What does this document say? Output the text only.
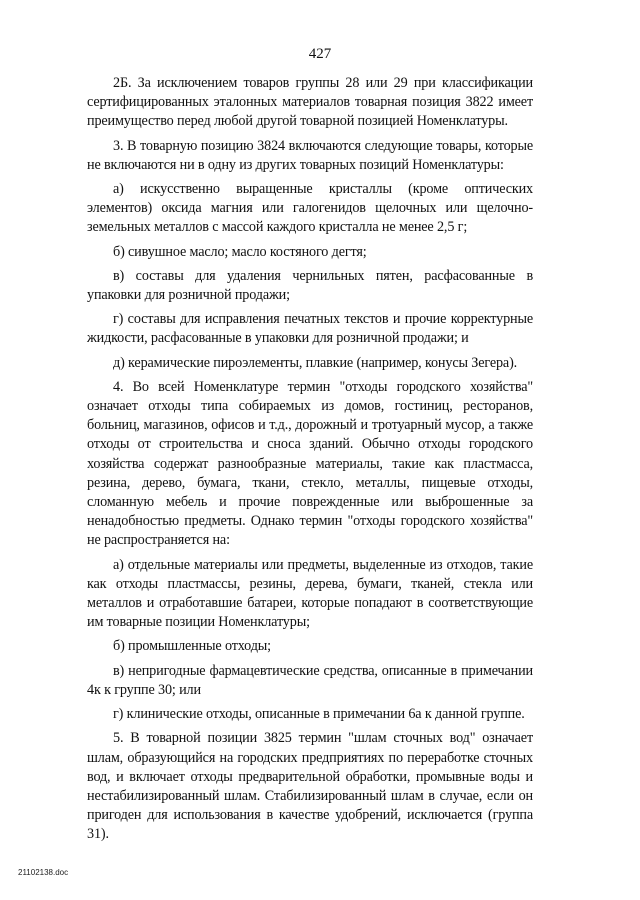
427

2Б. За исключением товаров группы 28 или 29 при классификации сертифицированных эталонных материалов товарная позиция 3822 имеет преимущество перед любой другой товарной позицией Номенклатуры.

3. В товарную позицию 3824 включаются следующие товары, которые не включаются ни в одну из других товарных позиций Номенклатуры:

а) искусственно выращенные кристаллы (кроме оптических элементов) оксида магния или галогенидов щелочных или щелочно-земельных металлов с массой каждого кристалла не менее 2,5 г;

б) сивушное масло; масло костяного дегтя;

в) составы для удаления чернильных пятен, расфасованные в упаковки для розничной продажи;

г) составы для исправления печатных текстов и прочие корректурные жидкости, расфасованные в упаковки для розничной продажи; и

д) керамические пироэлементы, плавкие (например, конусы Зегера).

4. Во всей Номенклатуре термин "отходы городского хозяйства" означает отходы типа собираемых из домов, гостиниц, ресторанов, больниц, магазинов, офисов и т.д., дорожный и тротуарный мусор, а также отходы от строительства и сноса зданий. Обычно отходы городского хозяйства содержат разнообразные материалы, такие как пластмасса, резина, дерево, бумага, ткани, стекло, металлы, пищевые отходы, сломанную мебель и прочие поврежденные или выброшенные за ненадобностью предметы. Однако термин "отходы городского хозяйства" не распространяется на:

а) отдельные материалы или предметы, выделенные из отходов, такие как отходы пластмассы, резины, дерева, бумаги, тканей, стекла или металлов и отработавшие батареи, которые попадают в соответствующие им товарные позиции Номенклатуры;

б) промышленные отходы;

в) непригодные фармацевтические средства, описанные в примечании 4к к группе 30; или

г) клинические отходы, описанные в примечании 6а к данной группе.

5. В товарной позиции 3825 термин "шлам сточных вод" означает шлам, образующийся на городских предприятиях по переработке сточных вод, и включает отходы предварительной обработки, промывные воды и нестабилизированный шлам. Стабилизированный шлам в случае, если он пригоден для использования в качестве удобрений, исключается (группа 31).

21102138.doc
